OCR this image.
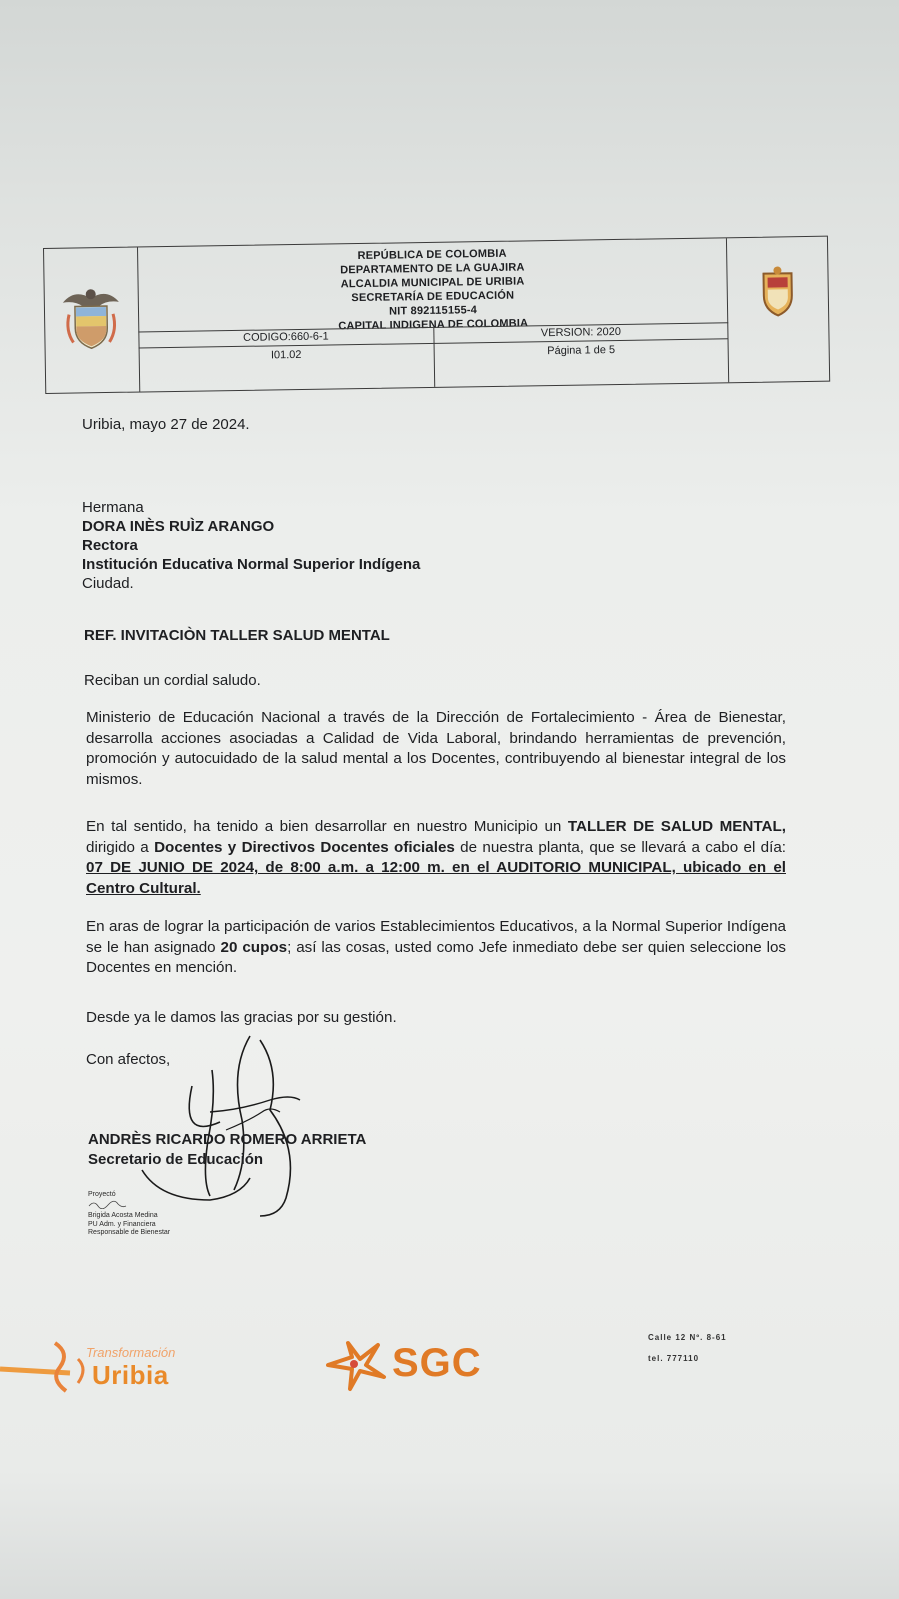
REPÚBLICA DE COLOMBIA
DEPARTAMENTO DE LA GUAJIRA
ALCALDIA MUNICIPAL DE URIBIA
SECRETARÍA DE EDUCACIÓN
NIT 892115155-4
CAPITAL INDIGENA DE COLOMBIA
CODIGO:660-6-1	VERSION: 2020
I01.02	Página 1 de 5
Uribia, mayo 27 de 2024.
Hermana
DORA INÈS RUÌZ ARANGO
Rectora
Institución Educativa Normal Superior Indígena
Ciudad.
REF. INVITACIÒN TALLER SALUD MENTAL
Reciban un cordial saludo.

Ministerio de Educación Nacional a través de la Dirección de Fortalecimiento - Área de Bienestar, desarrolla acciones asociadas a Calidad de Vida Laboral, brindando herramientas de prevención, promoción y autocuidado de la salud mental a los Docentes, contribuyendo al bienestar integral de los mismos.

En tal sentido, ha tenido a bien desarrollar en nuestro Municipio un TALLER DE SALUD MENTAL, dirigido a Docentes y Directivos Docentes oficiales de nuestra planta, que se llevará a cabo el día: 07 DE JUNIO DE 2024, de 8:00 a.m. a 12:00 m. en el AUDITORIO MUNICIPAL, ubicado en el Centro Cultural.

En aras de lograr la participación de varios Establecimientos Educativos, a la Normal Superior Indígena se le han asignado 20 cupos; así las cosas, usted como Jefe inmediato debe ser quien seleccione los Docentes en mención.

Desde ya le damos las gracias por su gestión.

Con afectos,
ANDRÈS RICARDO ROMERO ARRIETA
Secretario de Educación
Proyectó
Brigida Acosta Medina
PU Adm. y Financiera
Responsable de Bienestar
Transformación
Uribia	SGC
Calle 12 Nº. 8-61
tel. 777110
